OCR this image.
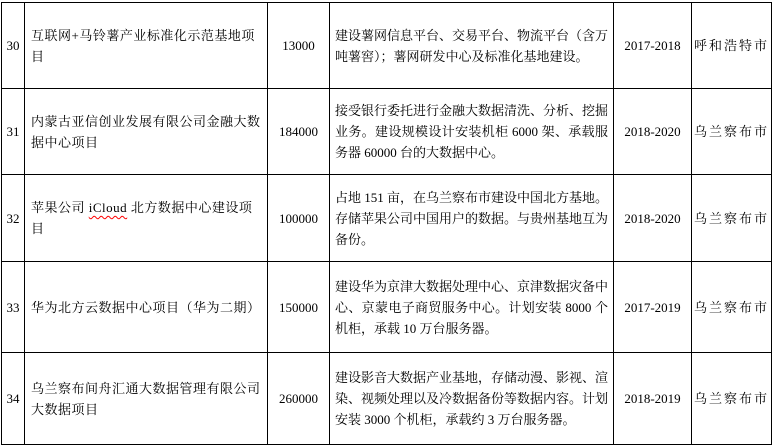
30	互联网+马铃薯产业标准化示范基地项目	13000	建设薯网信息平台、交易平台、物流平台（含万吨薯窖）；薯网研发中心及标准化基地建设。	2017-2018	呼和浩特市
31	内蒙古亚信创业发展有限公司金融大数据中心项目	184000	接受银行委托进行金融大数据清洗、分析、挖掘业务。建设规模设计安装机柜 6000 架、承载服务器 60000 台的大数据中心。	2018-2020	乌兰察布市
32	苹果公司 iCloud 北方数据中心建设项目	100000	占地 151 亩，在乌兰察布市建设中国北方基地。存储苹果公司中国用户的数据。与贵州基地互为备份。	2018-2020	乌兰察布市
33	华为北方云数据中心项目（华为二期）	150000	建设华为京津大数据处理中心、京津数据灾备中心、京蒙电子商贸服务中心。计划安装 8000 个机柜，承载 10 万台服务器。	2017-2019	乌兰察布市
34	乌兰察布间舟汇通大数据管理有限公司大数据项目	260000	建设影音大数据产业基地，存储动漫、影视、渲染、视频处理以及冷数据备份等数据内容。计划安装 3000 个机柜，承载约 3 万台服务器。	2018-2019	乌兰察布市
